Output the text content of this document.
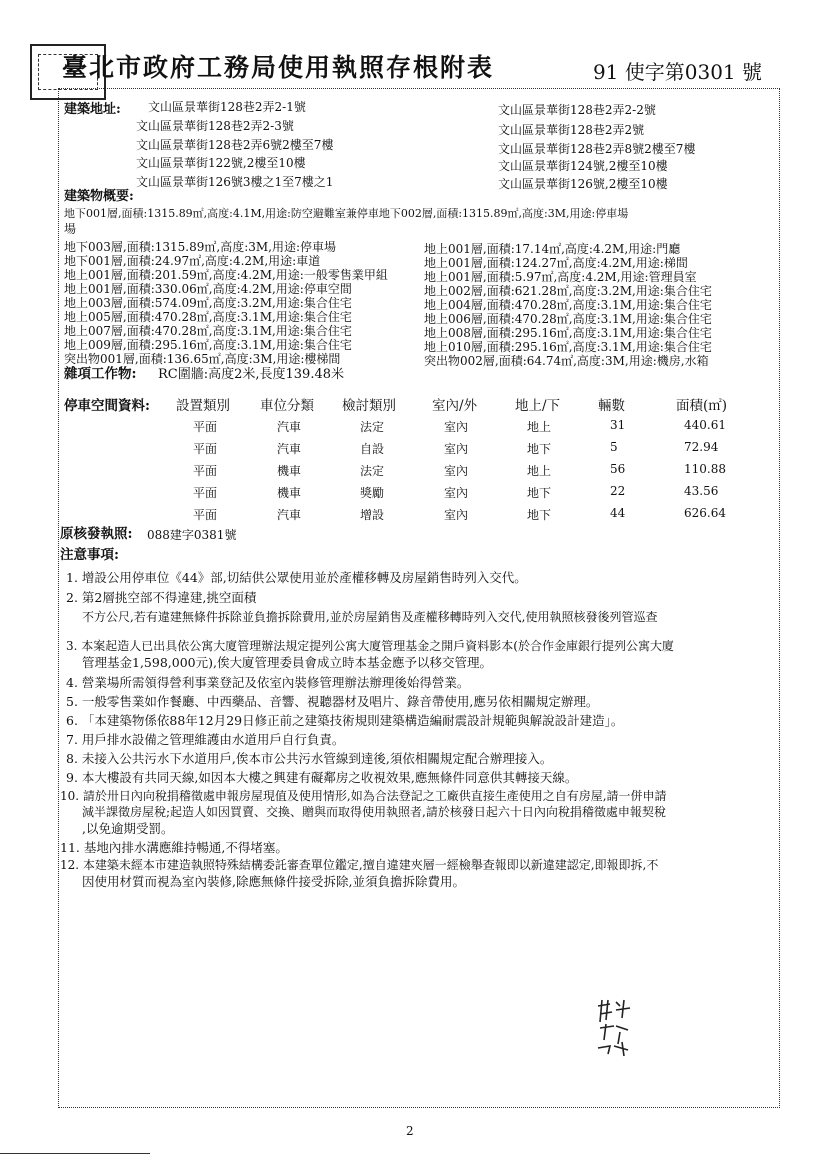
臺北市政府工務局使用執照存根附表	91 使字第0301 號
建築地址: 文山區景華街128巷2弄2-1號
文山區景華街128巷2弄2-3號
文山區景華街128巷2弄6號2樓至7樓
文山區景華街122號,2樓至10樓
文山區景華街126號3樓之1至7樓之1
文山區景華街128巷2弄2-2號
文山區景華街128巷2弄2號
文山區景華街128巷2弄8號2樓至7樓
文山區景華街124號,2樓至10樓
文山區景華街126號,2樓至10樓
建築物概要:
地下001層,面積:1315.89㎡,高度:4.1M,用途:防空避難室兼停車地下002層,面積:1315.89㎡,高度:3M,用途:停車場
場
地下003層,面積:1315.89㎡,高度:3M,用途:停車場
地下001層,面積:24.97㎡,高度:4.2M,用途:車道
地上001層,面積:201.59㎡,高度:4.2M,用途:一般零售業甲組
地上001層,面積:330.06㎡,高度:4.2M,用途:停車空間
地上003層,面積:574.09㎡,高度:3.2M,用途:集合住宅
地上005層,面積:470.28㎡,高度:3.1M,用途:集合住宅
地上007層,面積:470.28㎡,高度:3.1M,用途:集合住宅
地上009層,面積:295.16㎡,高度:3.1M,用途:集合住宅
突出物001層,面積:136.65㎡,高度:3M,用途:樓梯間
地上001層,面積:17.14㎡,高度:4.2M,用途:門廳
地上001層,面積:124.27㎡,高度:4.2M,用途:梯間
地上001層,面積:5.97㎡,高度:4.2M,用途:管理員室
地上002層,面積:621.28㎡,高度:3.2M,用途:集合住宅
地上004層,面積:470.28㎡,高度:3.1M,用途:集合住宅
地上006層,面積:470.28㎡,高度:3.1M,用途:集合住宅
地上008層,面積:295.16㎡,高度:3.1M,用途:集合住宅
地上010層,面積:295.16㎡,高度:3.1M,用途:集合住宅
突出物002層,面積:64.74㎡,高度:3M,用途:機房,水箱
雜項工作物: RC圍牆:高度2米,長度139.48米
停車空間資料: 設置類別 車位分類 檢討類別	室內/外	地上/下	輛數	面積(㎡)
平面	汽車	法定	室內	地上	31	440.61
平面	汽車	自設	室內	地下	5	72.94
平面	機車	法定	室內	地上	56	110.88
平面	機車	獎勵	室內	地下	22	43.56
平面	汽車	增設	室內	地下	44	626.64
原核發執照: 088建字0381號
注意事項:
1. 增設公用停車位《44》部,切結供公眾使用並於產權移轉及房屋銷售時列入交代。
2. 第2層挑空部不得違建,挑空面積
不方公尺,若有違建無條件拆除並負擔拆除費用,並於房屋銷售及產權移轉時列入交代,使用執照核發後列管巡查
3. 本案起造人已出具依公寓大廈管理辦法規定提列公寓大廈管理基金之開戶資料影本(於合作金庫銀行提列公寓大廈
管理基金1,598,000元),俟大廈管理委員會成立時本基金應予以移交管理。
4. 營業場所需領得營利事業登記及依室內裝修管理辦法辦理後始得營業。
5. 一般零售業如作餐廳、中西藥品、音響、視聽器材及唱片、錄音帶使用,應另依相關規定辦理。
6. 「本建築物係依88年12月29日修正前之建築技術規則建築構造編耐震設計規範與解說設計建造」。
7. 用戶排水設備之管理維護由水道用戶自行負責。
8. 未接入公共污水下水道用戶,俟本市公共污水管線到達後,須依相關規定配合辦理接入。
9. 本大樓設有共同天線,如因本大樓之興建有礙鄰房之收視效果,應無條件同意供其轉接天線。
10. 請於卅日內向稅捐稽徵處申報房屋現值及使用情形,如為合法登記之工廠供直接生產使用之自有房屋,請一併申請
減半課徵房屋稅;起造人如因買賣、交換、贈與而取得使用執照者,請於核發日起六十日內向稅捐稽徵處申報契稅
,以免逾期受罰。
11. 基地內排水溝應維持暢通,不得堵塞。
12. 本建築未經本市建造執照特殊結構委託審查單位鑑定,擅自違建夾層一經檢舉查報即以新違建認定,即報即拆,不
因使用材質而視為室內裝修,除應無條件接受拆除,並須負擔拆除費用。
2
